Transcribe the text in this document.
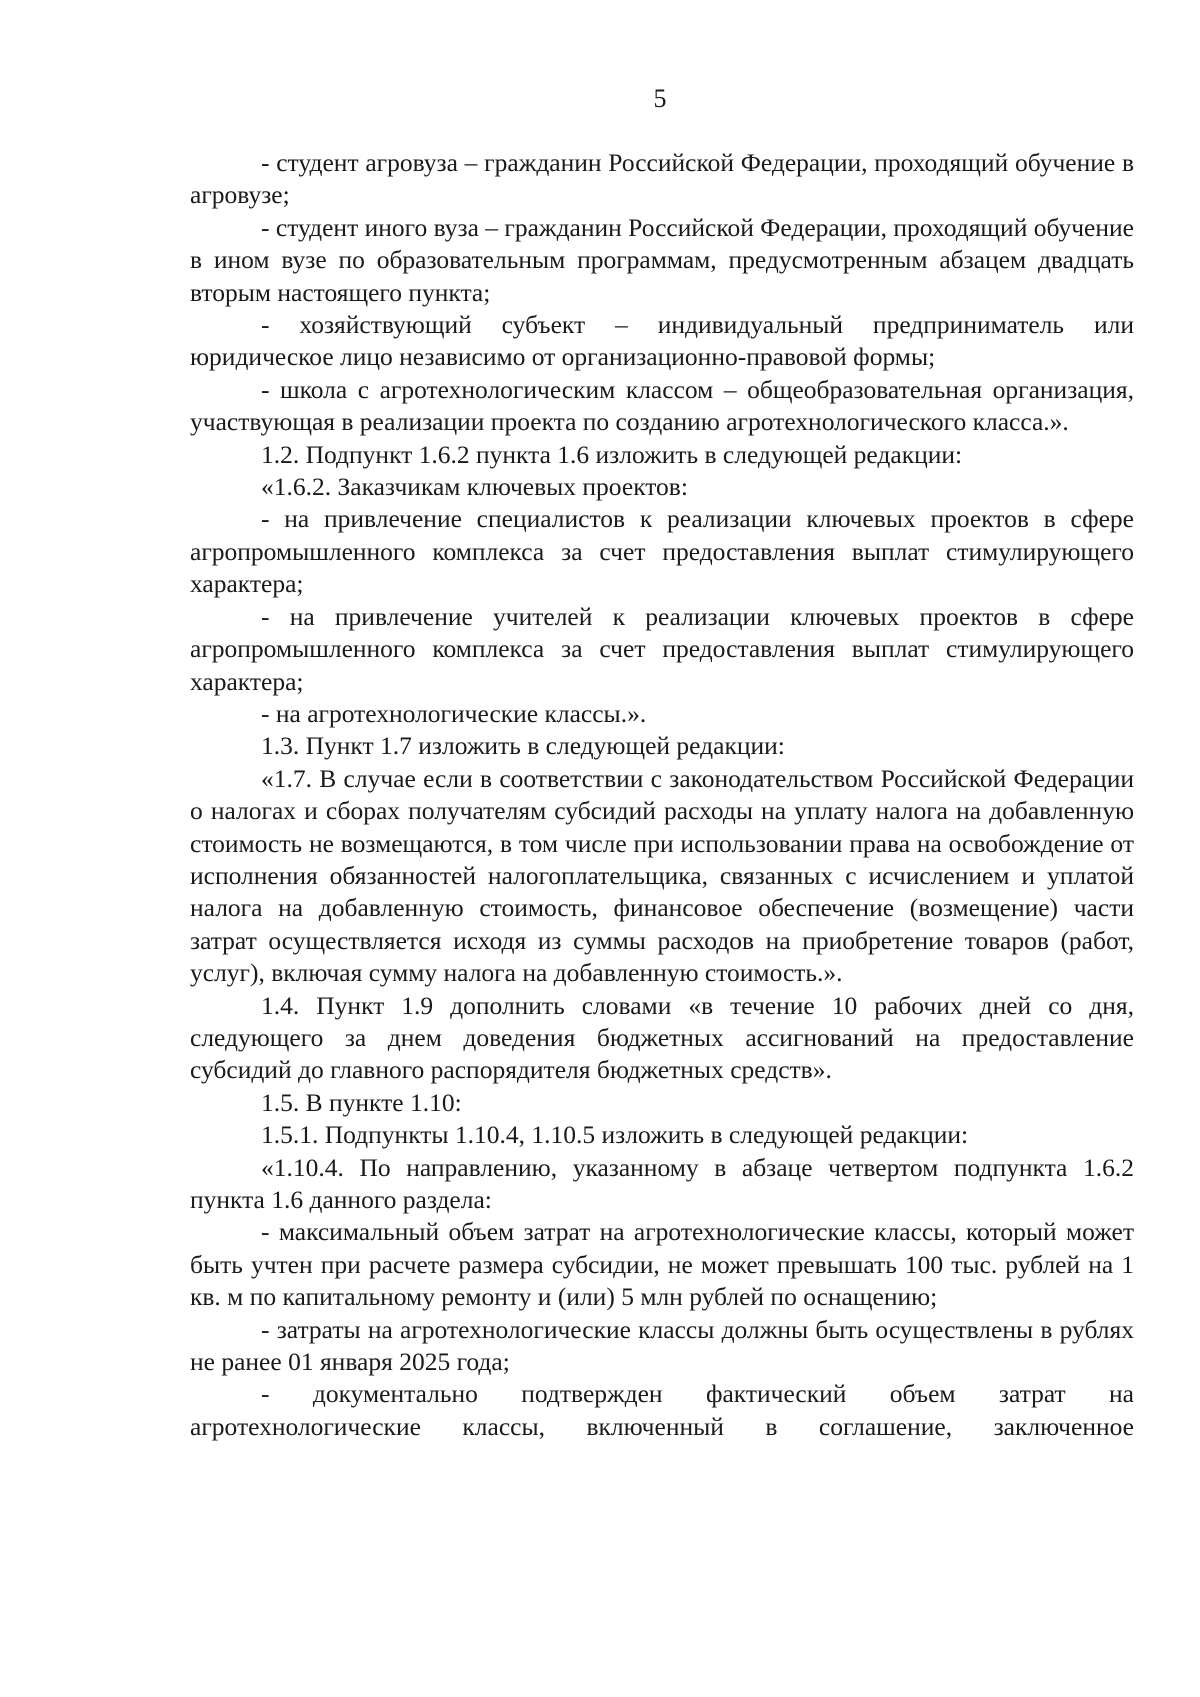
5

- студент агровуза – гражданин Российской Федерации, проходящий обучение в агровузе;

- студент иного вуза – гражданин Российской Федерации, проходящий обучение в ином вузе по образовательным программам, предусмотренным абзацем двадцать вторым настоящего пункта;

- хозяйствующий субъект – индивидуальный предприниматель или юридическое лицо независимо от организационно-правовой формы;

- школа с агротехнологическим классом – общеобразовательная организация, участвующая в реализации проекта по созданию агротехнологического класса.».

1.2. Подпункт 1.6.2 пункта 1.6 изложить в следующей редакции:

«1.6.2. Заказчикам ключевых проектов:

- на привлечение специалистов к реализации ключевых проектов в сфере агропромышленного комплекса за счет предоставления выплат стимулирующего характера;

- на привлечение учителей к реализации ключевых проектов в сфере агропромышленного комплекса за счет предоставления выплат стимулирующего характера;

- на агротехнологические классы.».

1.3. Пункт 1.7 изложить в следующей редакции:

«1.7. В случае если в соответствии с законодательством Российской Федерации о налогах и сборах получателям субсидий расходы на уплату налога на добавленную стоимость не возмещаются, в том числе при использовании права на освобождение от исполнения обязанностей налогоплательщика, связанных с исчислением и уплатой налога на добавленную стоимость, финансовое обеспечение (возмещение) части затрат осуществляется исходя из суммы расходов на приобретение товаров (работ, услуг), включая сумму налога на добавленную стоимость.».

1.4. Пункт 1.9 дополнить словами «в течение 10 рабочих дней со дня, следующего за днем доведения бюджетных ассигнований на предоставление субсидий до главного распорядителя бюджетных средств».

1.5. В пункте 1.10:

1.5.1. Подпункты 1.10.4, 1.10.5 изложить в следующей редакции:

«1.10.4. По направлению, указанному в абзаце четвертом подпункта 1.6.2 пункта 1.6 данного раздела:

- максимальный объем затрат на агротехнологические классы, который может быть учтен при расчете размера субсидии, не может превышать 100 тыс. рублей на 1 кв. м по капитальному ремонту и (или) 5 млн рублей по оснащению;

- затраты на агротехнологические классы должны быть осуществлены в рублях не ранее 01 января 2025 года;

- документально подтвержден фактический объем затрат на агротехнологические классы, включенный в соглашение, заключенное
